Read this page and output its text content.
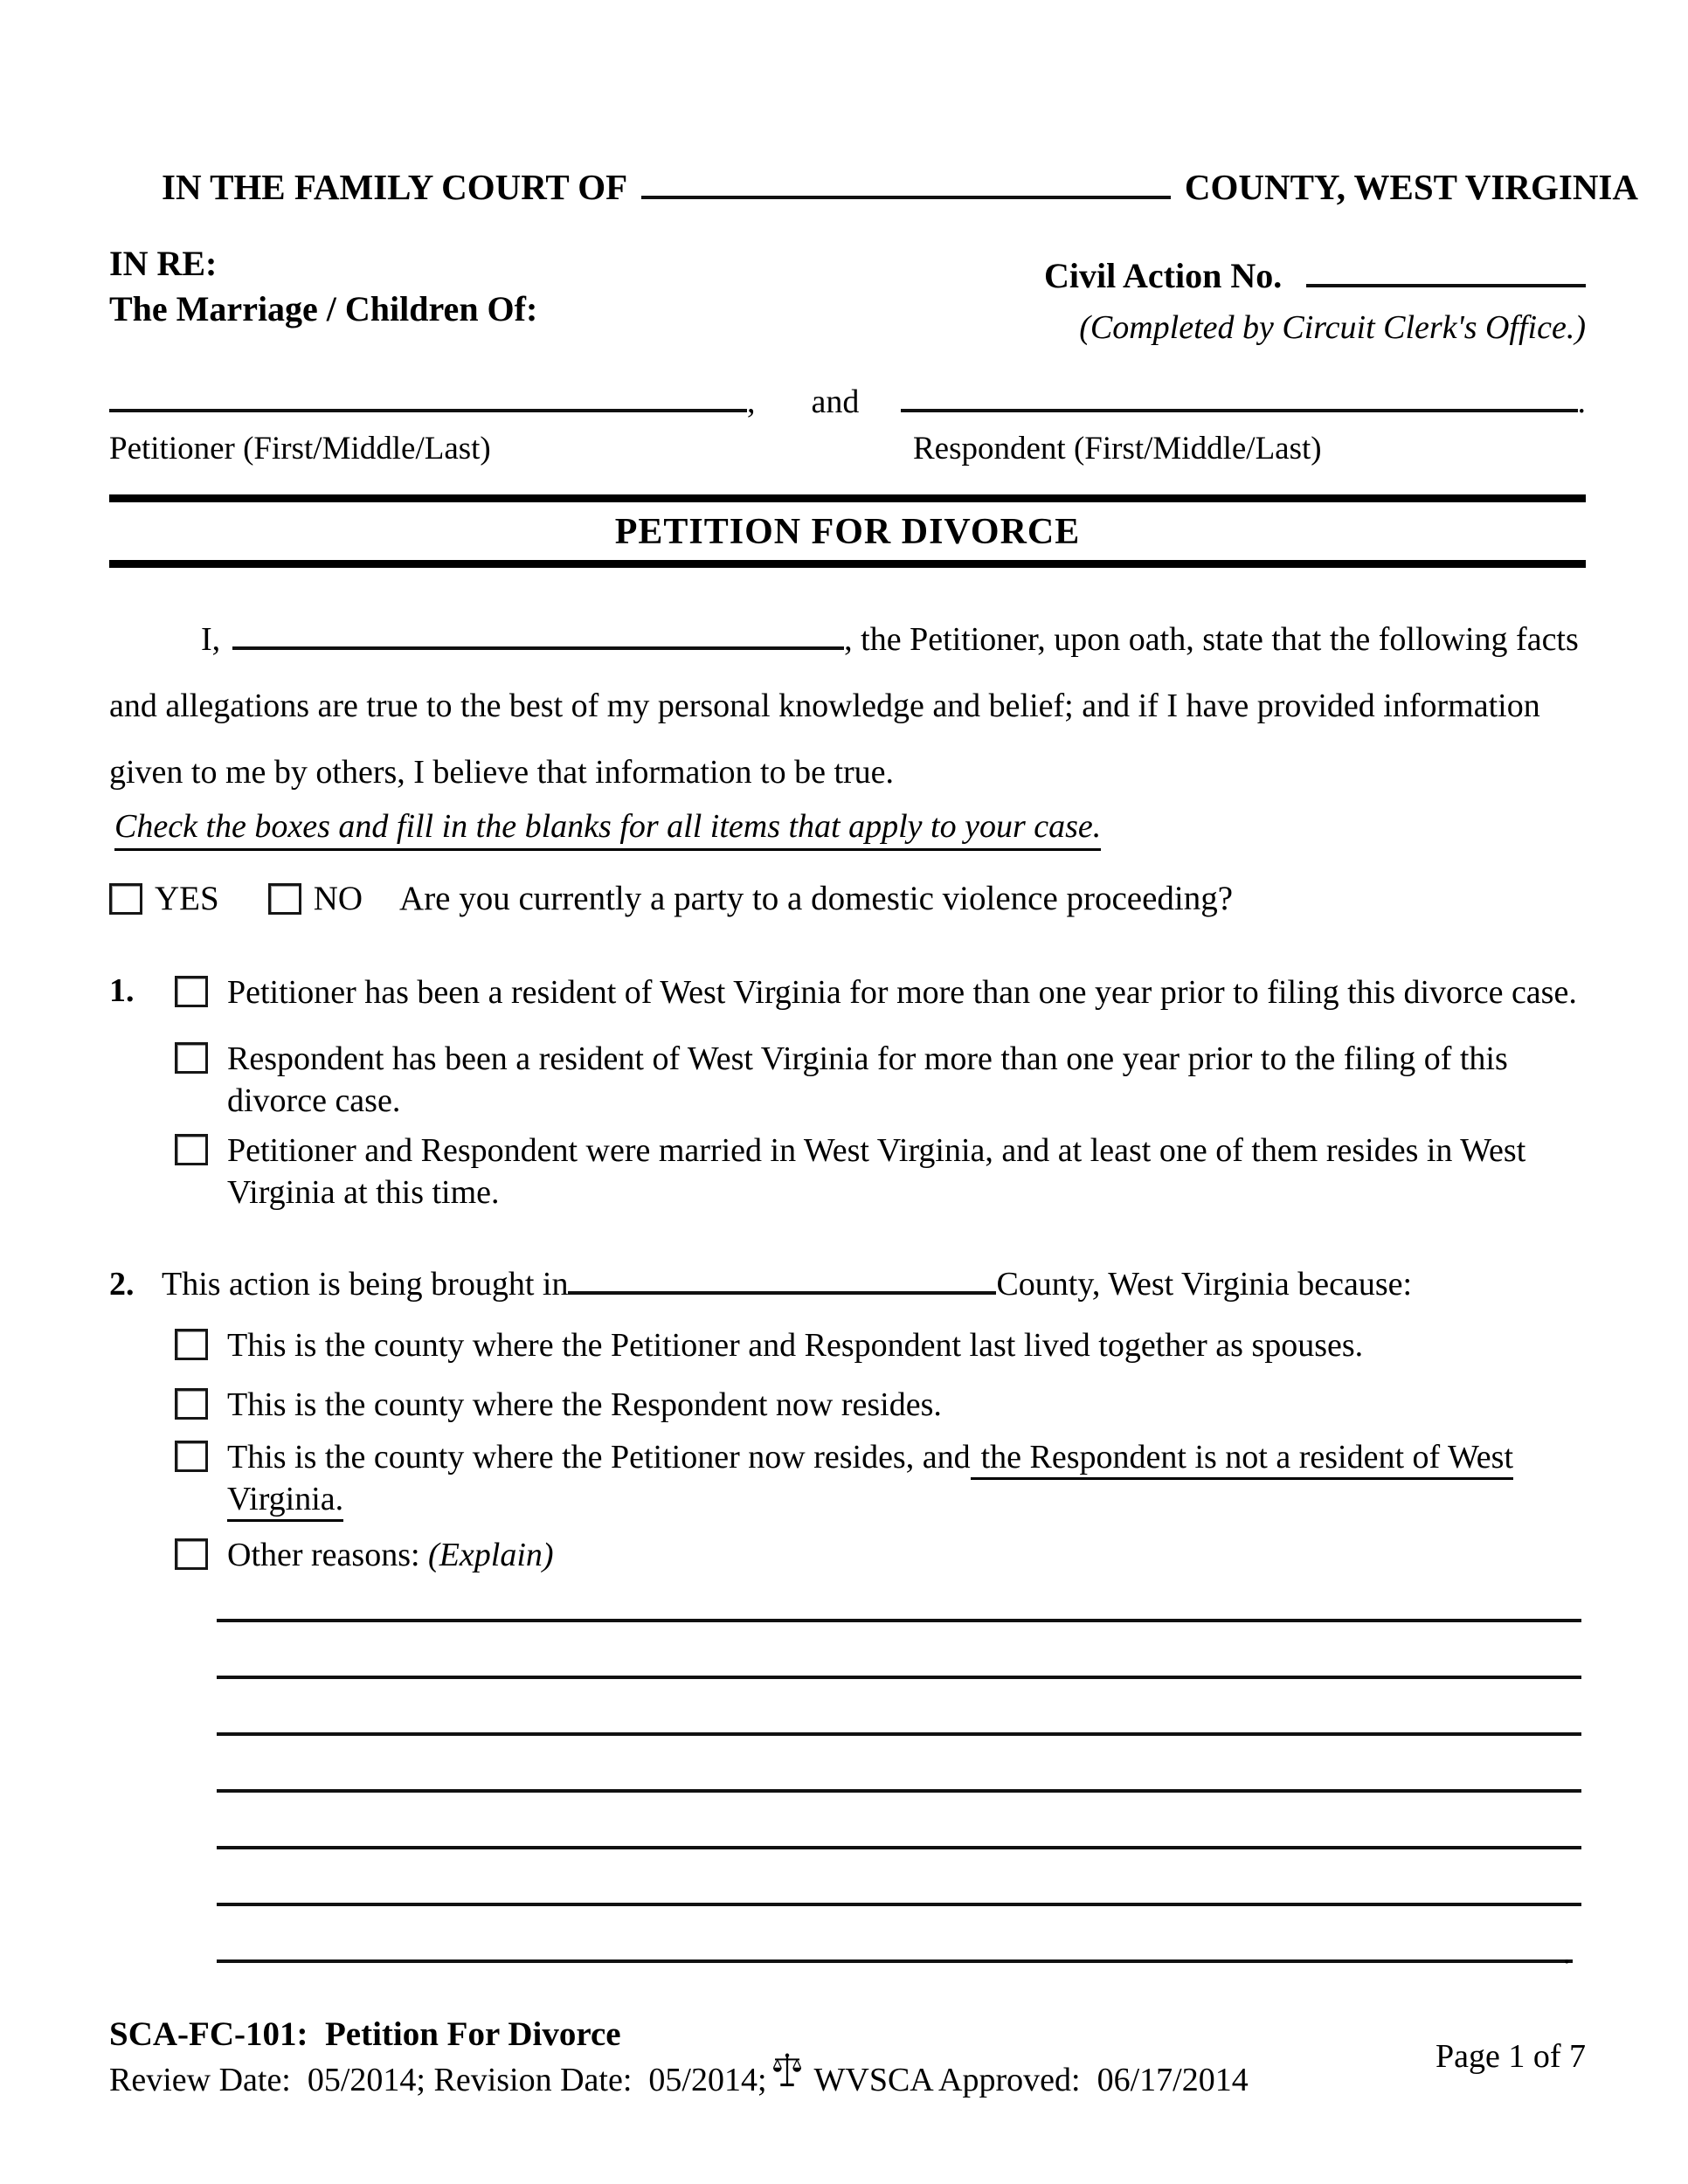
IN THE FAMILY COURT OF	COUNTY, WEST VIRGINIA
IN RE:
The Marriage / Children Of:
Civil Action No.
(Completed by Circuit Clerk's Office.)
, and	.
Petitioner (First/Middle/Last)	Respondent (First/Middle/Last)
PETITION FOR DIVORCE
I,	, the Petitioner, upon oath, state that the following facts
and allegations are true to the best of my personal knowledge and belief; and if I have provided information
given to me by others, I believe that information to be true.
Check the boxes and fill in the blanks for all items that apply to your case.
YES	NO Are you currently a party to a domestic violence proceeding?
1.	Petitioner has been a resident of West Virginia for more than one year prior to filing this divorce case.
Respondent has been a resident of West Virginia for more than one year prior to the filing of this
divorce case.
Petitioner and Respondent were married in West Virginia, and at least one of them resides in West
Virginia at this time.
2. This action is being brought in	County, West Virginia because:
This is the county where the Petitioner and Respondent last lived together as spouses.
This is the county where the Respondent now resides.
This is the county where the Petitioner now resides, and the Respondent is not a resident of West
Virginia.
Other reasons: (Explain)
.
SCA-FC-101:  Petition For Divorce
Review Date:  05/2014; Revision Date:  05/2014; WVSCA Approved:  06/17/2014
Page 1 of 7
